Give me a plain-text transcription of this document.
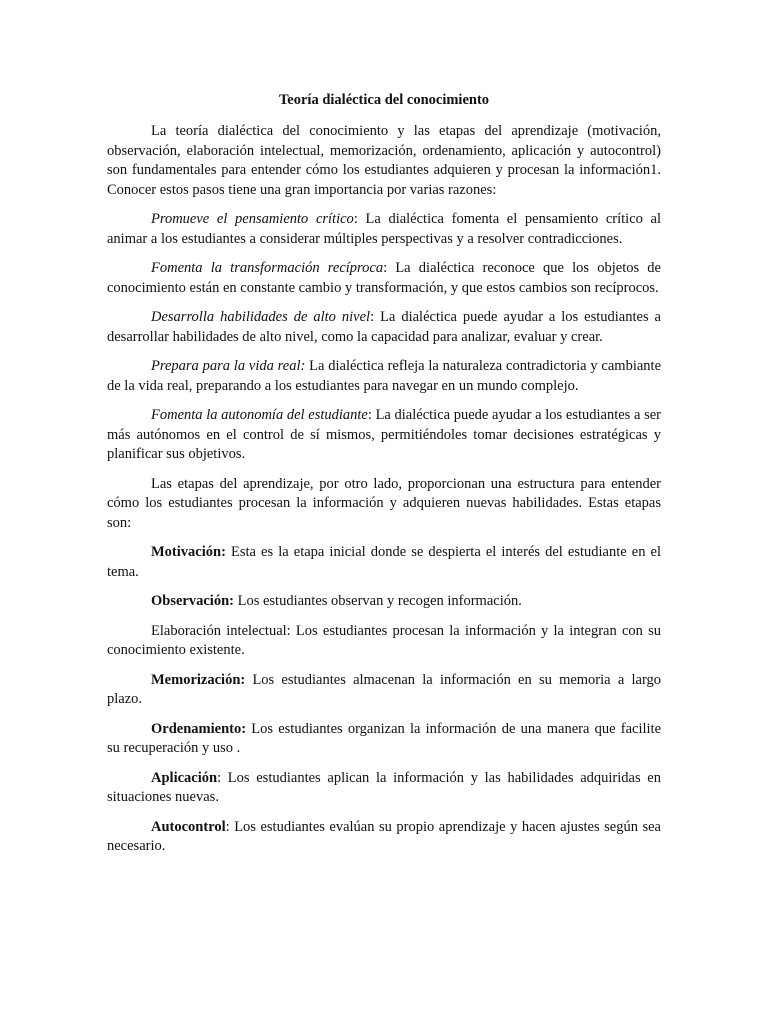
Teoría dialéctica del conocimiento

La teoría dialéctica del conocimiento y las etapas del aprendizaje (motivación, observación, elaboración intelectual, memorización, ordenamiento, aplicación y autocontrol) son fundamentales para entender cómo los estudiantes adquieren y procesan la información1. Conocer estos pasos tiene una gran importancia por varias razones:

Promueve el pensamiento crítico: La dialéctica fomenta el pensamiento crítico al animar a los estudiantes a considerar múltiples perspectivas y a resolver contradicciones.

Fomenta la transformación recíproca: La dialéctica reconoce que los objetos de conocimiento están en constante cambio y transformación, y que estos cambios son recíprocos.

Desarrolla habilidades de alto nivel: La dialéctica puede ayudar a los estudiantes a desarrollar habilidades de alto nivel, como la capacidad para analizar, evaluar y crear.

Prepara para la vida real: La dialéctica refleja la naturaleza contradictoria y cambiante de la vida real, preparando a los estudiantes para navegar en un mundo complejo.

Fomenta la autonomía del estudiante: La dialéctica puede ayudar a los estudiantes a ser más autónomos en el control de sí mismos, permitiéndoles tomar decisiones estratégicas y planificar sus objetivos.

Las etapas del aprendizaje, por otro lado, proporcionan una estructura para entender cómo los estudiantes procesan la información y adquieren nuevas habilidades. Estas etapas son:

Motivación: Esta es la etapa inicial donde se despierta el interés del estudiante en el tema.

Observación: Los estudiantes observan y recogen información.

Elaboración intelectual: Los estudiantes procesan la información y la integran con su conocimiento existente.

Memorización: Los estudiantes almacenan la información en su memoria a largo plazo.

Ordenamiento: Los estudiantes organizan la información de una manera que facilite su recuperación y uso .

Aplicación: Los estudiantes aplican la información y las habilidades adquiridas en situaciones nuevas.

Autocontrol: Los estudiantes evalúan su propio aprendizaje y hacen ajustes según sea necesario.
